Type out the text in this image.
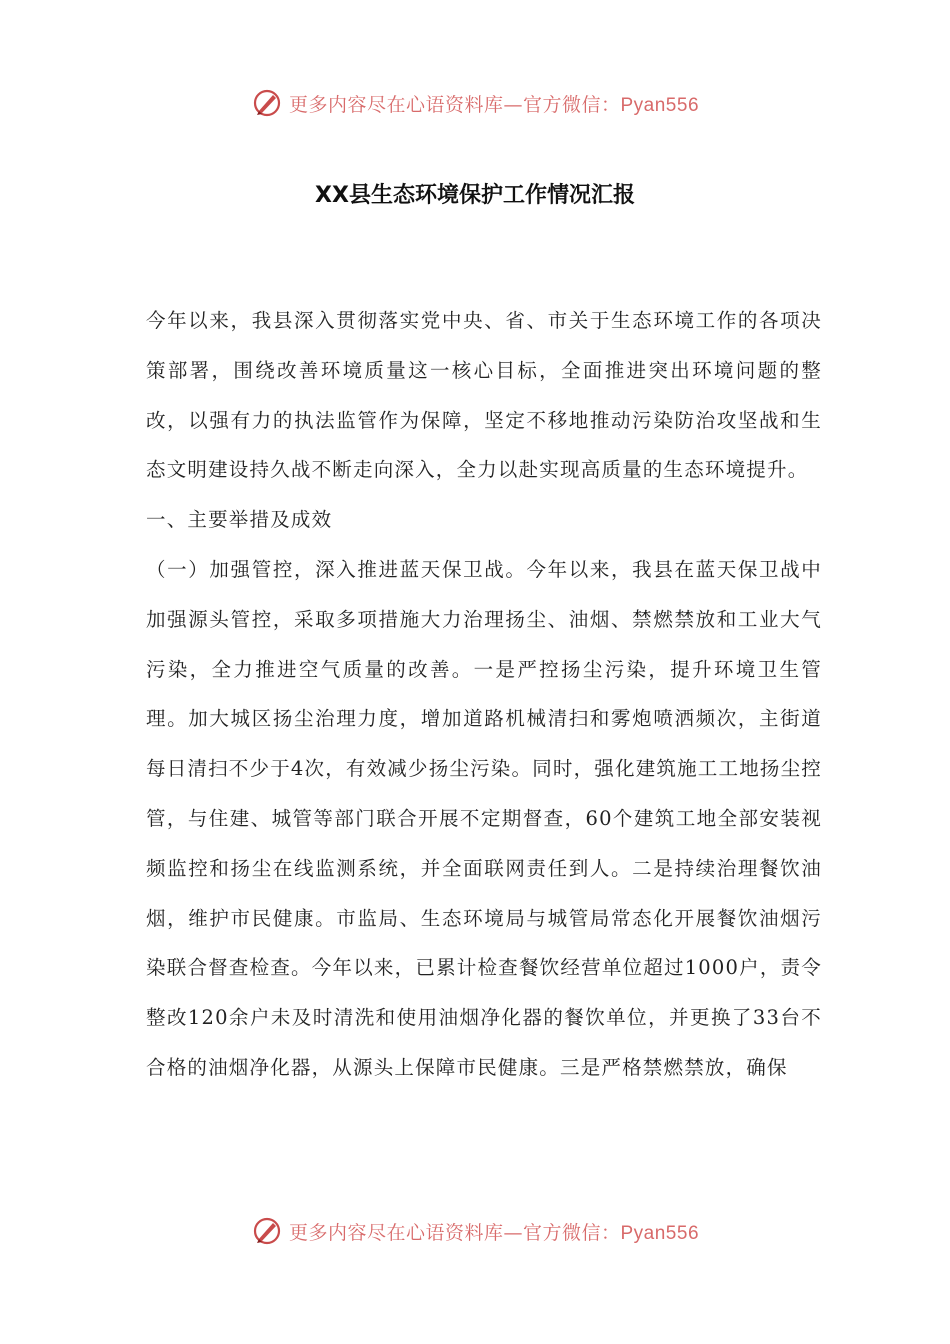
更多内容尽在心语资料库—官方微信：Pyan556
XX县生态环境保护工作情况汇报

今年以来，我县深入贯彻落实党中央、省、市关于生态环境工作的各项决策部署，围绕改善环境质量这一核心目标，全面推进突出环境问题的整改，以强有力的执法监管作为保障，坚定不移地推动污染防治攻坚战和生态文明建设持久战不断走向深入，全力以赴实现高质量的生态环境提升。

一、主要举措及成效

（一）加强管控，深入推进蓝天保卫战。今年以来，我县在蓝天保卫战中加强源头管控，采取多项措施大力治理扬尘、油烟、禁燃禁放和工业大气污染，全力推进空气质量的改善。一是严控扬尘污染，提升环境卫生管理。加大城区扬尘治理力度，增加道路机械清扫和雾炮喷洒频次，主街道每日清扫不少于4次，有效减少扬尘污染。同时，强化建筑施工工地扬尘控管，与住建、城管等部门联合开展不定期督查，60个建筑工地全部安装视频监控和扬尘在线监测系统，并全面联网责任到人。二是持续治理餐饮油烟，维护市民健康。市监局、生态环境局与城管局常态化开展餐饮油烟污染联合督查检查。今年以来，已累计检查餐饮经营单位超过1000户，责令整改120余户未及时清洗和使用油烟净化器的餐饮单位，并更换了33台不合格的油烟净化器，从源头上保障市民健康。三是严格禁燃禁放，确保

更多内容尽在心语资料库—官方微信：Pyan556
